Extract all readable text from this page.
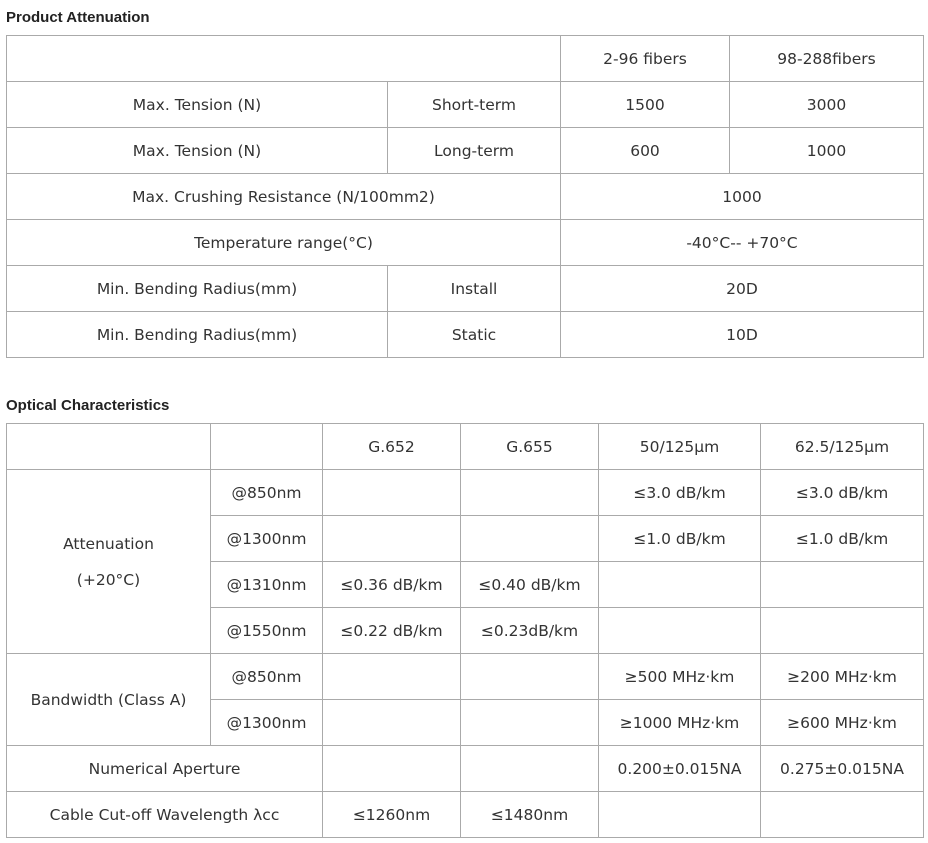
Product Attenuation
		2-96 fibers	98-288fibers
Max. Tension (N)	Short-term	1500	3000
Max. Tension (N)	Long-term	600	1000
Max. Crushing Resistance (N/100mm2)		1000	
Temperature range(°C)		-40°C-- +70°C	
Min. Bending Radius(mm)	Install	20D	
Min. Bending Radius(mm)	Static	10D	
Optical Characteristics
		G.652	G.655	50/125μm	62.5/125μm

Attenuation
(+20°C)	@850nm			≤3.0 dB/km	≤3.0 dB/km
	@1300nm			≤1.0 dB/km	≤1.0 dB/km
	@1310nm	≤0.36 dB/km	≤0.40 dB/km		
	@1550nm	≤0.22 dB/km	≤0.23dB/km		
Bandwidth (Class A)	@850nm			≥500 MHz·km	≥200 MHz·km
	@1300nm			≥1000 MHz·km	≥600 MHz·km
Numerical Aperture				0.200±0.015NA	0.275±0.015NA
Cable Cut-off Wavelength λcc		≤1260nm	≤1480nm		
